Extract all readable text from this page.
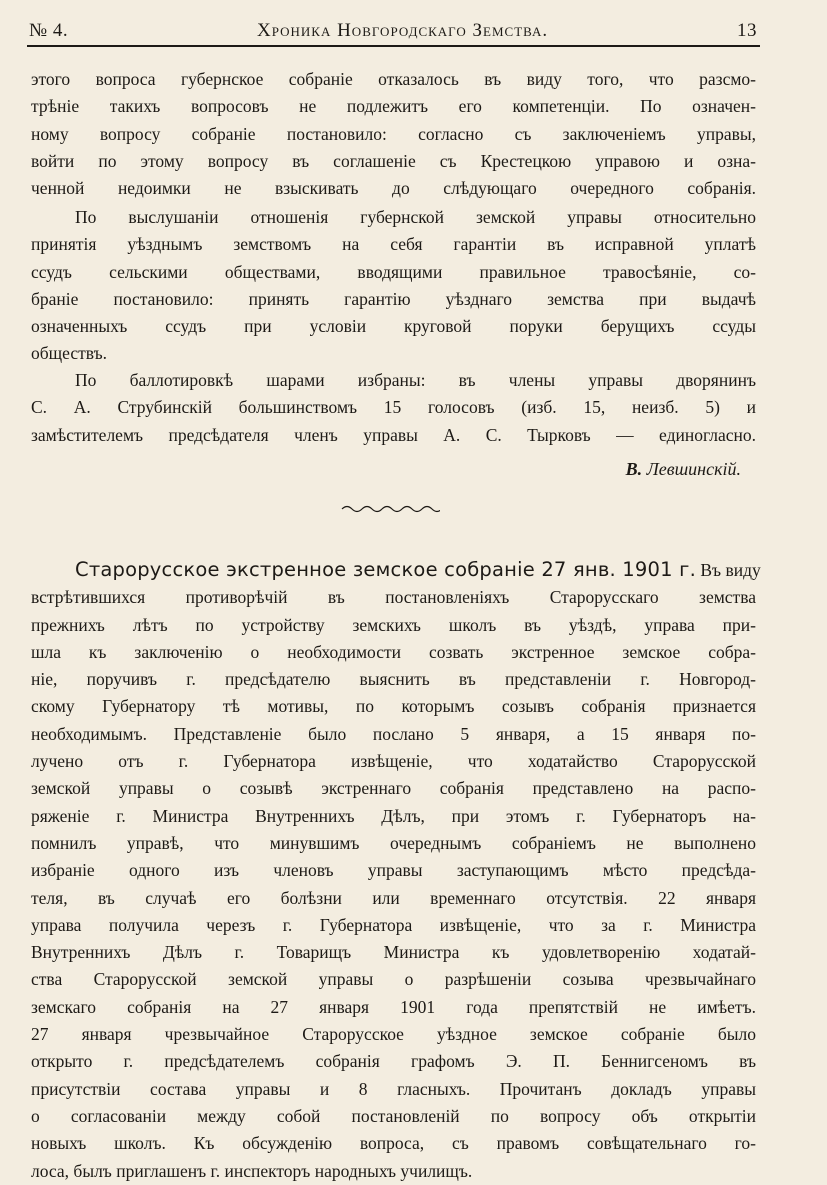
№ 4.	Хроника Новгородскаго Земства.	13
этого вопроса губернское собраніе отказалось въ виду того, что разсмо-
трѣніе такихъ вопросовъ не подлежитъ его компетенціи. По означен-
ному вопросу собраніе постановило: согласно съ заключеніемъ управы,
войти по этому вопросу въ соглашеніе съ Крестецкою управою и озна-
ченной недоимки не взыскивать до слѣдующаго очередного собранія.
По выслушаніи отношенія губернской земской управы относительно
принятія уѣзднымъ земствомъ на себя гарантіи въ исправной уплатѣ
ссудъ сельскими обществами, вводящими правильное травосѣяніе, со-
браніе постановило: принять гарантію уѣзднаго земства при выдачѣ
означенныхъ ссудъ при условіи круговой поруки берущихъ ссуды
обществъ.
По баллотировкѣ шарами избраны: въ члены управы дворянинъ
С. А. Струбинскій большинствомъ 15 голосовъ (изб. 15, неизб. 5) и
замѣстителемъ предсѣдателя членъ управы А. С. Тырковъ — единогласно.
В. Левшинскій.
Старорусское экстренное земское собраніе 27 янв. 1901 г. Въ виду
встрѣтившихся противорѣчій въ постановленіяхъ Старорусскаго земства
прежнихъ лѣтъ по устройству земскихъ школъ въ уѣздѣ, управа при-
шла къ заключенію о необходимости созвать экстренное земское собра-
ніе, поручивъ г. предсѣдателю выяснить въ представленіи г. Новгород-
скому Губернатору тѣ мотивы, по которымъ созывъ собранія признается
необходимымъ. Представленіе было послано 5 января, а 15 января по-
лучено отъ г. Губернатора извѣщеніе, что ходатайство Старорусской
земской управы о созывѣ экстреннаго собранія представлено на распо-
ряженіе г. Министра Внутреннихъ Дѣлъ, при этомъ г. Губернаторъ на-
помнилъ управѣ, что минувшимъ очереднымъ собраніемъ не выполнено
избраніе одного изъ членовъ управы заступающимъ мѣсто предсѣда-
теля, въ случаѣ его болѣзни или временнаго отсутствія. 22 января
управа получила черезъ г. Губернатора извѣщеніе, что за г. Министра
Внутреннихъ Дѣлъ г. Товарищъ Министра къ удовлетворенію ходатай-
ства Старорусской земской управы о разрѣшеніи созыва чрезвычайнаго
земскаго собранія на 27 января 1901 года препятствій не имѣетъ.
27 января чрезвычайное Старорусское уѣздное земское собраніе было
открыто г. предсѣдателемъ собранія графомъ Э. П. Беннигсеномъ въ
присутствіи состава управы и 8 гласныхъ. Прочитанъ докладъ управы
о согласованіи между собой постановленій по вопросу объ открытіи
новыхъ школъ. Къ обсужденію вопроса, съ правомъ совѣщательнаго го-
лоса, былъ приглашенъ г. инспекторъ народныхъ училищъ.
